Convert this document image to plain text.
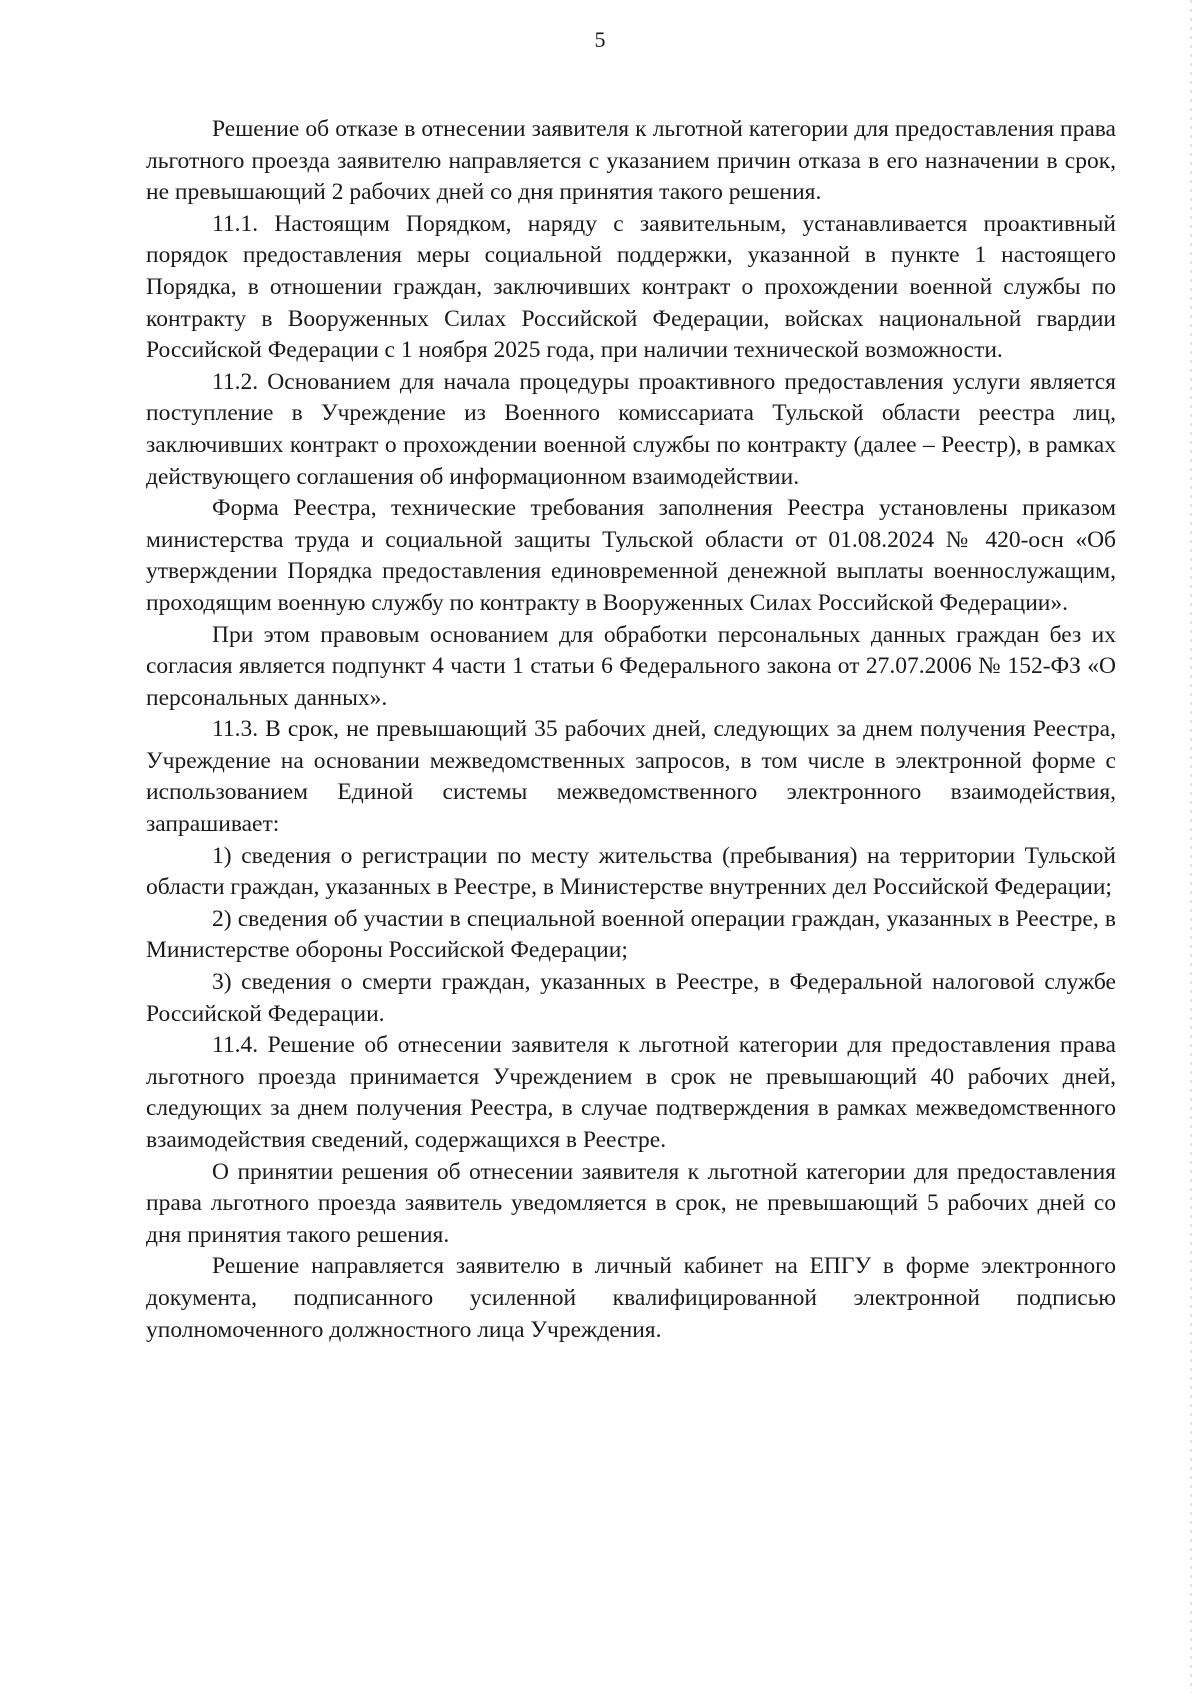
5

Решение об отказе в отнесении заявителя к льготной категории для предоставления права льготного проезда заявителю направляется с указанием причин отказа в его назначении в срок, не превышающий 2 рабочих дней со дня принятия такого решения.

11.1. Настоящим Порядком, наряду с заявительным, устанавливается проактивный порядок предоставления меры социальной поддержки, указанной в пункте 1 настоящего Порядка, в отношении граждан, заключивших контракт о прохождении военной службы по контракту в Вооруженных Силах Российской Федерации, войсках национальной гвардии Российской Федерации с 1 ноября 2025 года, при наличии технической возможности.

11.2. Основанием для начала процедуры проактивного предоставления услуги является поступление в Учреждение из Военного комиссариата Тульской области реестра лиц, заключивших контракт о прохождении военной службы по контракту (далее – Реестр), в рамках действующего соглашения об информационном взаимодействии.

Форма Реестра, технические требования заполнения Реестра установлены приказом министерства труда и социальной защиты Тульской области от 01.08.2024 № 420-осн «Об утверждении Порядка предоставления единовременной денежной выплаты военнослужащим, проходящим военную службу по контракту в Вооруженных Силах Российской Федерации».

При этом правовым основанием для обработки персональных данных граждан без их согласия является подпункт 4 части 1 статьи 6 Федерального закона от 27.07.2006 № 152-ФЗ «О персональных данных».

11.3. В срок, не превышающий 35 рабочих дней, следующих за днем получения Реестра, Учреждение на основании межведомственных запросов, в том числе в электронной форме с использованием Единой системы межведомственного электронного взаимодействия, запрашивает:

1) сведения о регистрации по месту жительства (пребывания) на территории Тульской области граждан, указанных в Реестре, в Министерстве внутренних дел Российской Федерации;

2) сведения об участии в специальной военной операции граждан, указанных в Реестре, в Министерстве обороны Российской Федерации;

3) сведения о смерти граждан, указанных в Реестре, в Федеральной налоговой службе Российской Федерации.

11.4. Решение об отнесении заявителя к льготной категории для предоставления права льготного проезда принимается Учреждением в срок не превышающий 40 рабочих дней, следующих за днем получения Реестра, в случае подтверждения в рамках межведомственного взаимодействия сведений, содержащихся в Реестре.

О принятии решения об отнесении заявителя к льготной категории для предоставления права льготного проезда заявитель уведомляется в срок, не превышающий 5 рабочих дней со дня принятия такого решения.

Решение направляется заявителю в личный кабинет на ЕПГУ в форме электронного документа, подписанного усиленной квалифицированной электронной подписью уполномоченного должностного лица Учреждения.
